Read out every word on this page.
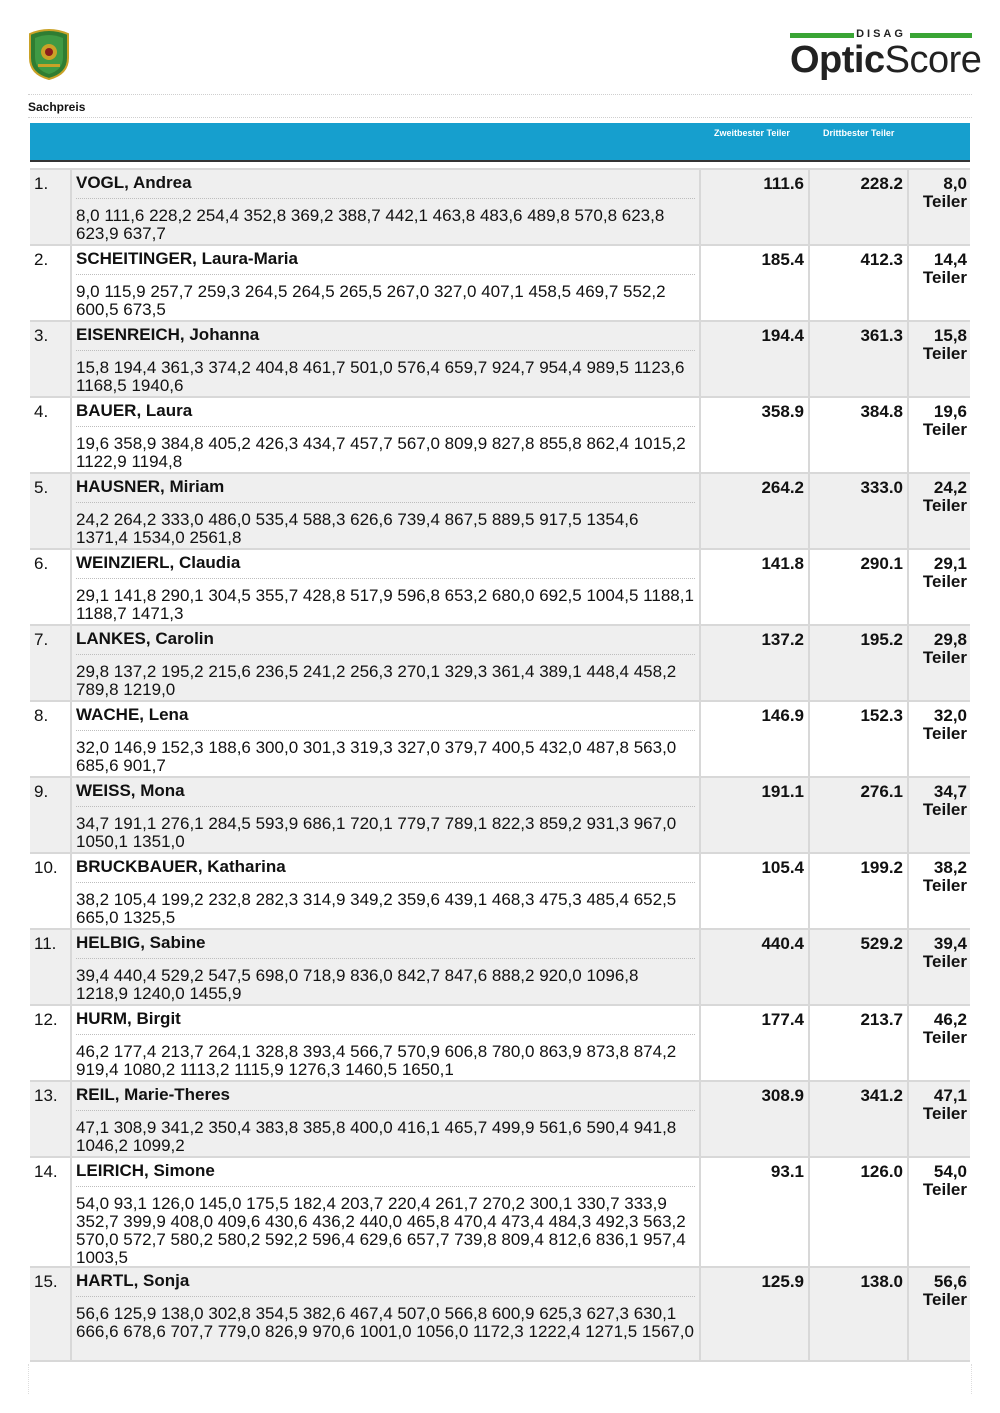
DISAG
OpticScore
Sachpreis
Zweitbester Teiler	Drittbester Teiler
1.	VOGL, Andrea
8,0 111,6 228,2 254,4 352,8 369,2 388,7 442,1 463,8 483,6 489,8 570,8 623,8 623,9 637,7
111.6	228.2	8,0
Teiler
2.	SCHEITINGER, Laura-Maria
9,0 115,9 257,7 259,3 264,5 264,5 265,5 267,0 327,0 407,1 458,5 469,7 552,2 600,5 673,5
185.4	412.3	14,4
Teiler
3.	EISENREICH, Johanna
15,8 194,4 361,3 374,2 404,8 461,7 501,0 576,4 659,7 924,7 954,4 989,5 1123,6 1168,5 1940,6
194.4	361.3	15,8
Teiler
4.	BAUER, Laura
19,6 358,9 384,8 405,2 426,3 434,7 457,7 567,0 809,9 827,8 855,8 862,4 1015,2 1122,9 1194,8
358.9	384.8	19,6
Teiler
5.	HAUSNER, Miriam
24,2 264,2 333,0 486,0 535,4 588,3 626,6 739,4 867,5 889,5 917,5 1354,6 1371,4 1534,0 2561,8
264.2	333.0	24,2
Teiler
6.	WEINZIERL, Claudia
29,1 141,8 290,1 304,5 355,7 428,8 517,9 596,8 653,2 680,0 692,5 1004,5 1188,1 1188,7 1471,3
141.8	290.1	29,1
Teiler
7.	LANKES, Carolin
29,8 137,2 195,2 215,6 236,5 241,2 256,3 270,1 329,3 361,4 389,1 448,4 458,2 789,8 1219,0
137.2	195.2	29,8
Teiler
8.	WACHE, Lena
32,0 146,9 152,3 188,6 300,0 301,3 319,3 327,0 379,7 400,5 432,0 487,8 563,0 685,6 901,7
146.9	152.3	32,0
Teiler
9.	WEISS, Mona
34,7 191,1 276,1 284,5 593,9 686,1 720,1 779,7 789,1 822,3 859,2 931,3 967,0 1050,1 1351,0
191.1	276.1	34,7
Teiler
10.	BRUCKBAUER, Katharina
38,2 105,4 199,2 232,8 282,3 314,9 349,2 359,6 439,1 468,3 475,3 485,4 652,5 665,0 1325,5
105.4	199.2	38,2
Teiler
11.	HELBIG, Sabine
39,4 440,4 529,2 547,5 698,0 718,9 836,0 842,7 847,6 888,2 920,0 1096,8 1218,9 1240,0 1455,9
440.4	529.2	39,4
Teiler
12.	HURM, Birgit
46,2 177,4 213,7 264,1 328,8 393,4 566,7 570,9 606,8 780,0 863,9 873,8 874,2 919,4 1080,2 1113,2 1115,9 1276,3 1460,5 1650,1
177.4	213.7	46,2
Teiler
13.	REIL, Marie-Theres
47,1 308,9 341,2 350,4 383,8 385,8 400,0 416,1 465,7 499,9 561,6 590,4 941,8 1046,2 1099,2
308.9	341.2	47,1
Teiler
14.	LEIRICH, Simone
54,0 93,1 126,0 145,0 175,5 182,4 203,7 220,4 261,7 270,2 300,1 330,7 333,9 352,7 399,9 408,0 409,6 430,6 436,2 440,0 465,8 470,4 473,4 484,3 492,3 563,2 570,0 572,7 580,2 580,2 592,2 596,4 629,6 657,7 739,8 809,4 812,6 836,1 957,4 1003,5
93.1	126.0	54,0
Teiler
15.	HARTL, Sonja
56,6 125,9 138,0 302,8 354,5 382,6 467,4 507,0 566,8 600,9 625,3 627,3 630,1 666,6 678,6 707,7 779,0 826,9 970,6 1001,0 1056,0 1172,3 1222,4 1271,5 1567,0
125.9	138.0	56,6
Teiler
